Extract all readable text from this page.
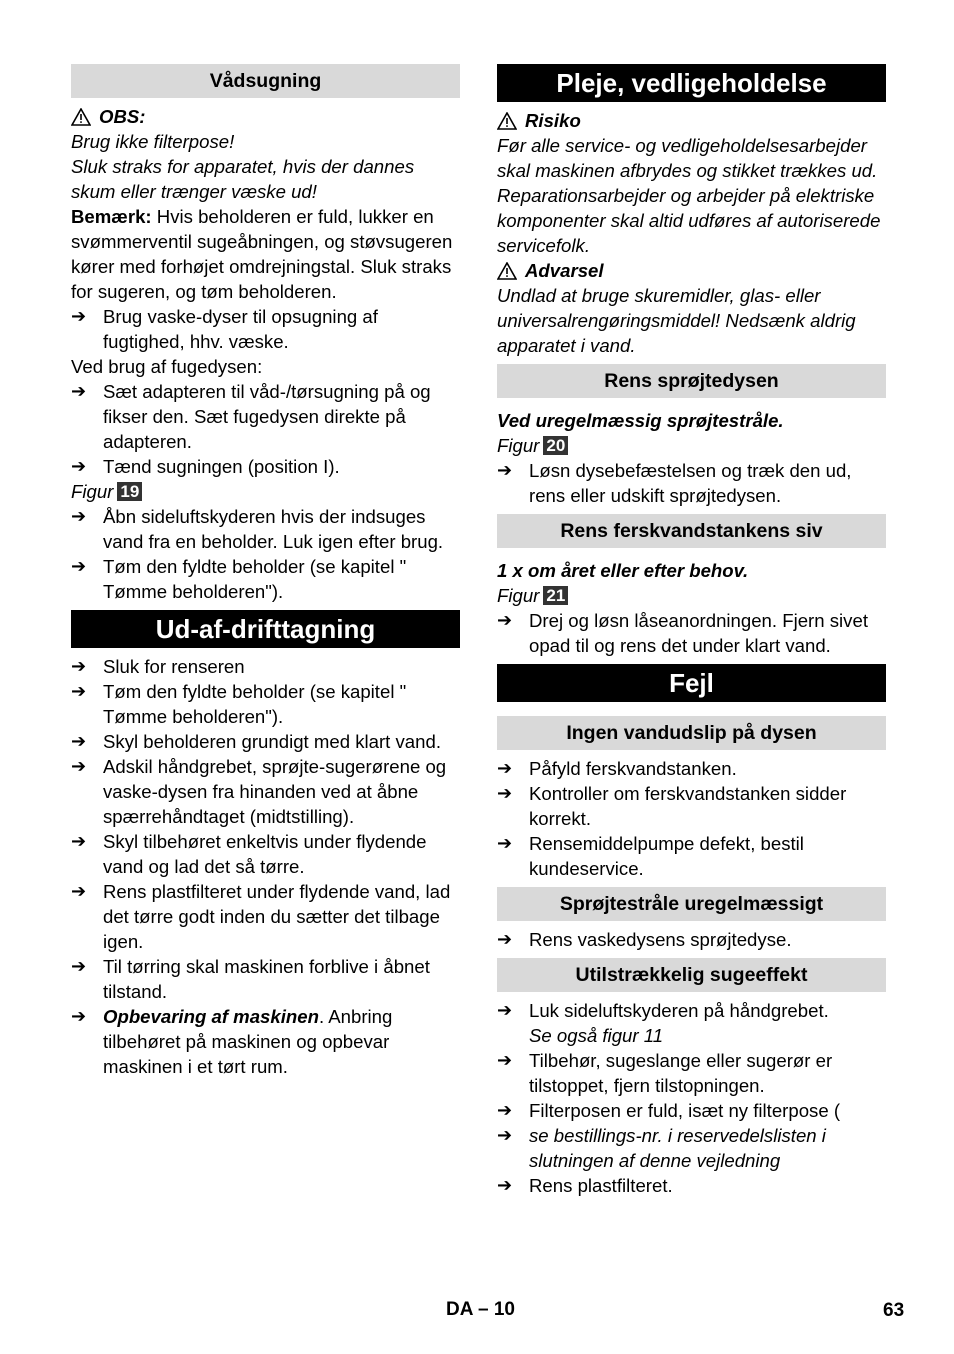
Vådsugning
OBS:

Brug ikke filterpose!

Sluk straks for apparatet, hvis der dannes skum eller trænger væske ud!

Bemærk: Hvis beholderen er fuld, lukker en svømmerventil sugeåbningen, og støvsugeren kører med forhøjet omdrejningstal. Sluk straks for sugeren, og tøm beholderen.

➔ Brug vaske-dyser til opsugning af fugtighed, hhv. væske.

Ved brug af fugedysen:

➔ Sæt adapteren til våd-/tørsugning på og fikser den. Sæt fugedysen direkte på adapteren.
➔ Tænd sugningen (position I).

Figur 19

➔ Åbn sideluftskyderen hvis der indsuges vand fra en beholder. Luk igen efter brug.
➔ Tøm den fyldte beholder (se kapitel " Tømme beholderen").
Ud-af-drifttagning
➔ Sluk for renseren
➔ Tøm den fyldte beholder (se kapitel " Tømme beholderen").
➔ Skyl beholderen grundigt med klart vand.
➔ Adskil håndgrebet, sprøjte-sugerørene og vaske-dysen fra hinanden ved at åbne spærrehåndtaget (midtstilling).
➔ Skyl tilbehøret enkeltvis under flydende vand og lad det så tørre.
➔ Rens plastfilteret under flydende vand, lad det tørre godt inden du sætter det tilbage igen.
➔ Til tørring skal maskinen forblive i åbnet tilstand.
➔ Opbevaring af maskinen. Anbring tilbehøret på maskinen og opbevar maskinen i et tørt rum.
Pleje, vedligeholdelse
Risiko

Før alle service- og vedligeholdelsesarbejder skal maskinen afbrydes og stikket trækkes ud.

Reparationsarbejder og arbejder på elektriske komponenter skal altid udføres af autoriserede servicefolk.

Advarsel

Undlad at bruge skuremidler, glas- eller universalrengøringsmiddel! Nedsænk aldrig apparatet i vand.

Rens sprøjtedysen

Ved uregelmæssig sprøjtestråle.

Figur 20

➔ Løsn dysebefæstelsen og træk den ud, rens eller udskift sprøjtedysen.
Rens ferskvandstankens siv

1 x om året eller efter behov.

Figur 21

➔ Drej og løsn låseanordningen. Fjern sivet opad til og rens det under klart vand.
Fejl
Ingen vandudslip på dysen
➔ Påfyld ferskvandstanken.
➔ Kontroller om ferskvandstanken sidder korrekt.
➔ Rensemiddelpumpe defekt, bestil kundeservice.
Sprøjtestråle uregelmæssigt
➔ Rens vaskedysens sprøjtedyse.
Utilstrækkelig sugeeffekt
➔ Luk sideluftskyderen på håndgrebet.
Se også figur 11
➔ Tilbehør, sugeslange eller sugerør er tilstoppet, fjern tilstopningen.
➔ Filterposen er fuld, isæt ny filterpose (
➔ se bestillings-nr. i reservedelslisten i slutningen af denne vejledning
➔ Rens plastfilteret.
DA – 10	63
